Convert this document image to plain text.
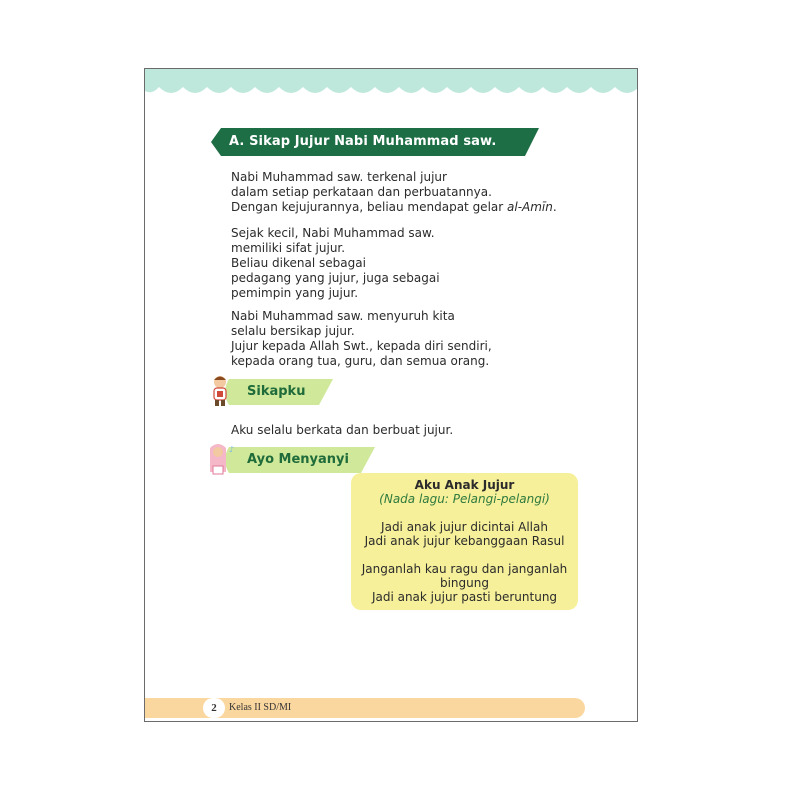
A. Sikap Jujur Nabi Muhammad saw.
Nabi Muhammad saw. terkenal jujur
dalam setiap perkataan dan perbuatannya.
Dengan kejujurannya, beliau mendapat gelar al-Amīn.
Sejak kecil, Nabi Muhammad saw.
memiliki sifat jujur.
Beliau dikenal sebagai
pedagang yang jujur, juga sebagai
pemimpin yang jujur.
Nabi Muhammad saw. menyuruh kita
selalu bersikap jujur.
Jujur kepada Allah Swt., kepada diri sendiri,
kepada orang tua, guru, dan semua orang.
Sikapku
Aku selalu berkata dan berbuat jujur.
Ayo Menyanyi
♪
Aku Anak Jujur
(Nada lagu: Pelangi-pelangi)
Jadi anak jujur dicintai Allah
Jadi anak jujur kebanggaan Rasul
Janganlah kau ragu dan janganlah
bingung
Jadi anak jujur pasti beruntung
2	Kelas II SD/MI
